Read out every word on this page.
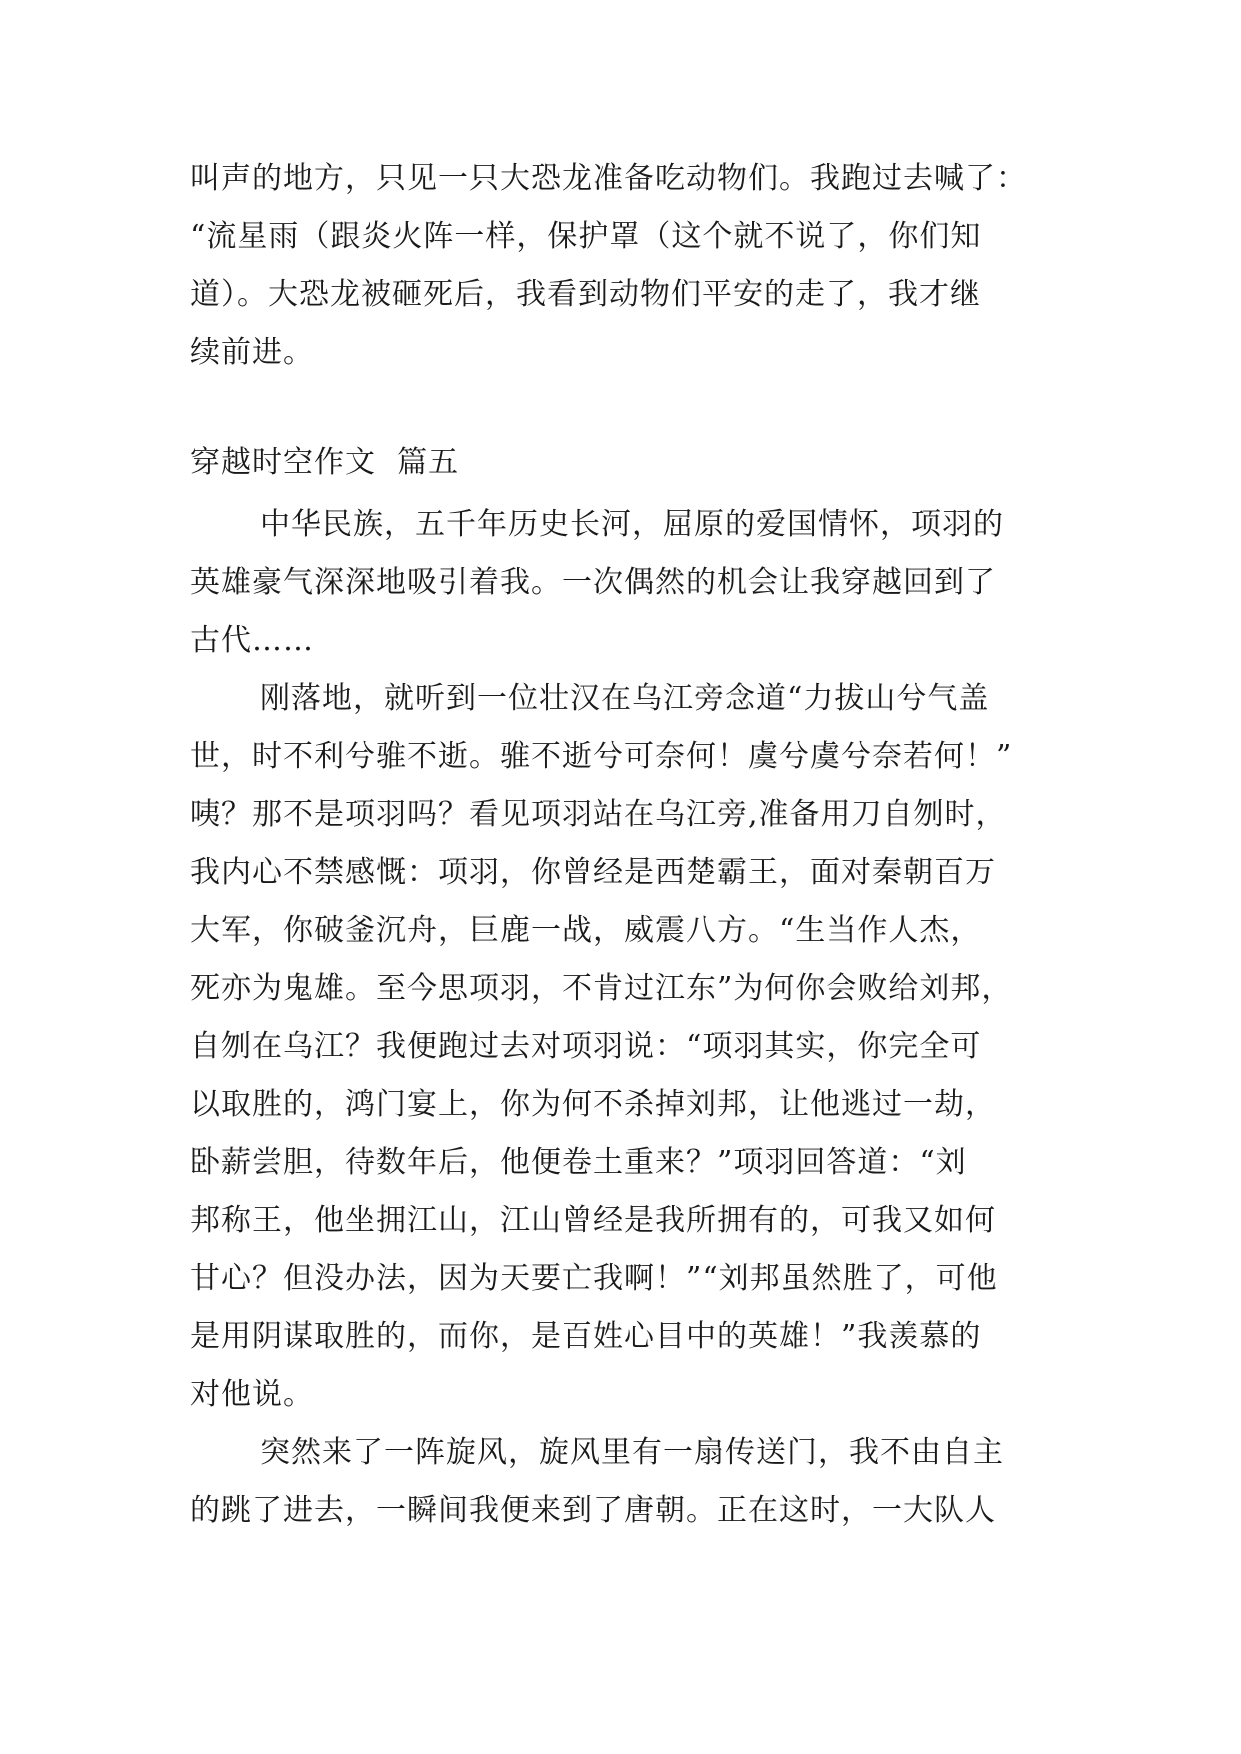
叫声的地方，只见一只大恐龙准备吃动物们。我跑过去喊了：
“流星雨（跟炎火阵一样，保护罩（这个就不说了，你们知
道）。大恐龙被砸死后，我看到动物们平安的走了，我才继
续前进。
穿越时空作文  篇五
中华民族，五千年历史长河，屈原的爱国情怀，项羽的
英雄豪气深深地吸引着我。一次偶然的机会让我穿越回到了
古代……
刚落地，就听到一位壮汉在乌江旁念道“力拔山兮气盖
世，时不利兮骓不逝。骓不逝兮可奈何！虞兮虞兮奈若何！”
咦？那不是项羽吗？看见项羽站在乌江旁,准备用刀自刎时，
我内心不禁感慨：项羽，你曾经是西楚霸王，面对秦朝百万
大军，你破釜沉舟，巨鹿一战，威震八方。“生当作人杰，
死亦为鬼雄。至今思项羽，不肯过江东”为何你会败给刘邦，
自刎在乌江？我便跑过去对项羽说：“项羽其实，你完全可
以取胜的，鸿门宴上，你为何不杀掉刘邦，让他逃过一劫，
卧薪尝胆，待数年后，他便卷土重来？”项羽回答道：“刘
邦称王，他坐拥江山，江山曾经是我所拥有的，可我又如何
甘心？但没办法，因为天要亡我啊！”“刘邦虽然胜了，可他
是用阴谋取胜的，而你，是百姓心目中的英雄！”我羡慕的
对他说。
突然来了一阵旋风，旋风里有一扇传送门，我不由自主
的跳了进去，一瞬间我便来到了唐朝。正在这时，一大队人
